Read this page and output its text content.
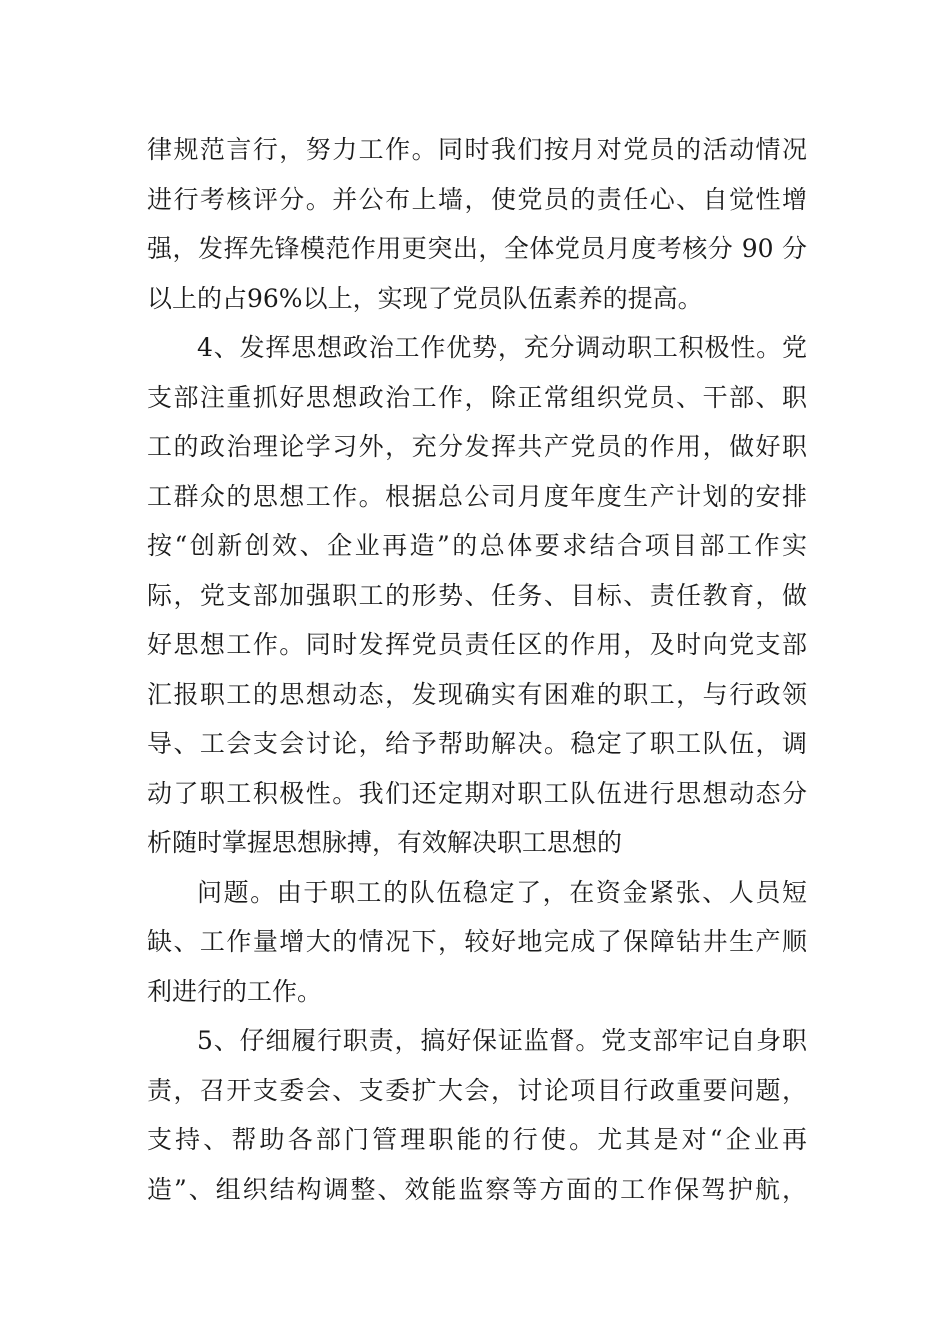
律规范言行，努力工作。同时我们按月对党员的活动情况

进行考核评分。并公布上墙，使党员的责任心、自觉性增

强，发挥先锋模范作用更突出，全体党员月度考核分 90 分

以上的占96%以上，实现了党员队伍素养的提高。

4、发挥思想政治工作优势，充分调动职工积极性。党

支部注重抓好思想政治工作，除正常组织党员、干部、职

工的政治理论学习外，充分发挥共产党员的作用，做好职

工群众的思想工作。根据总公司月度年度生产计划的安排

按“创新创效、企业再造”的总体要求结合项目部工作实

际，党支部加强职工的形势、任务、目标、责任教育，做

好思想工作。同时发挥党员责任区的作用，及时向党支部

汇报职工的思想动态，发现确实有困难的职工，与行政领

导、工会支会讨论，给予帮助解决。稳定了职工队伍，调

动了职工积极性。我们还定期对职工队伍进行思想动态分

析随时掌握思想脉搏，有效解决职工思想的

问题。由于职工的队伍稳定了，在资金紧张、人员短

缺、工作量增大的情况下，较好地完成了保障钻井生产顺

利进行的工作。

5、仔细履行职责，搞好保证监督。党支部牢记自身职

责，召开支委会、支委扩大会，讨论项目行政重要问题，

支持、帮助各部门管理职能的行使。尤其是对“企业再

造”、组织结构调整、效能监察等方面的工作保驾护航，
